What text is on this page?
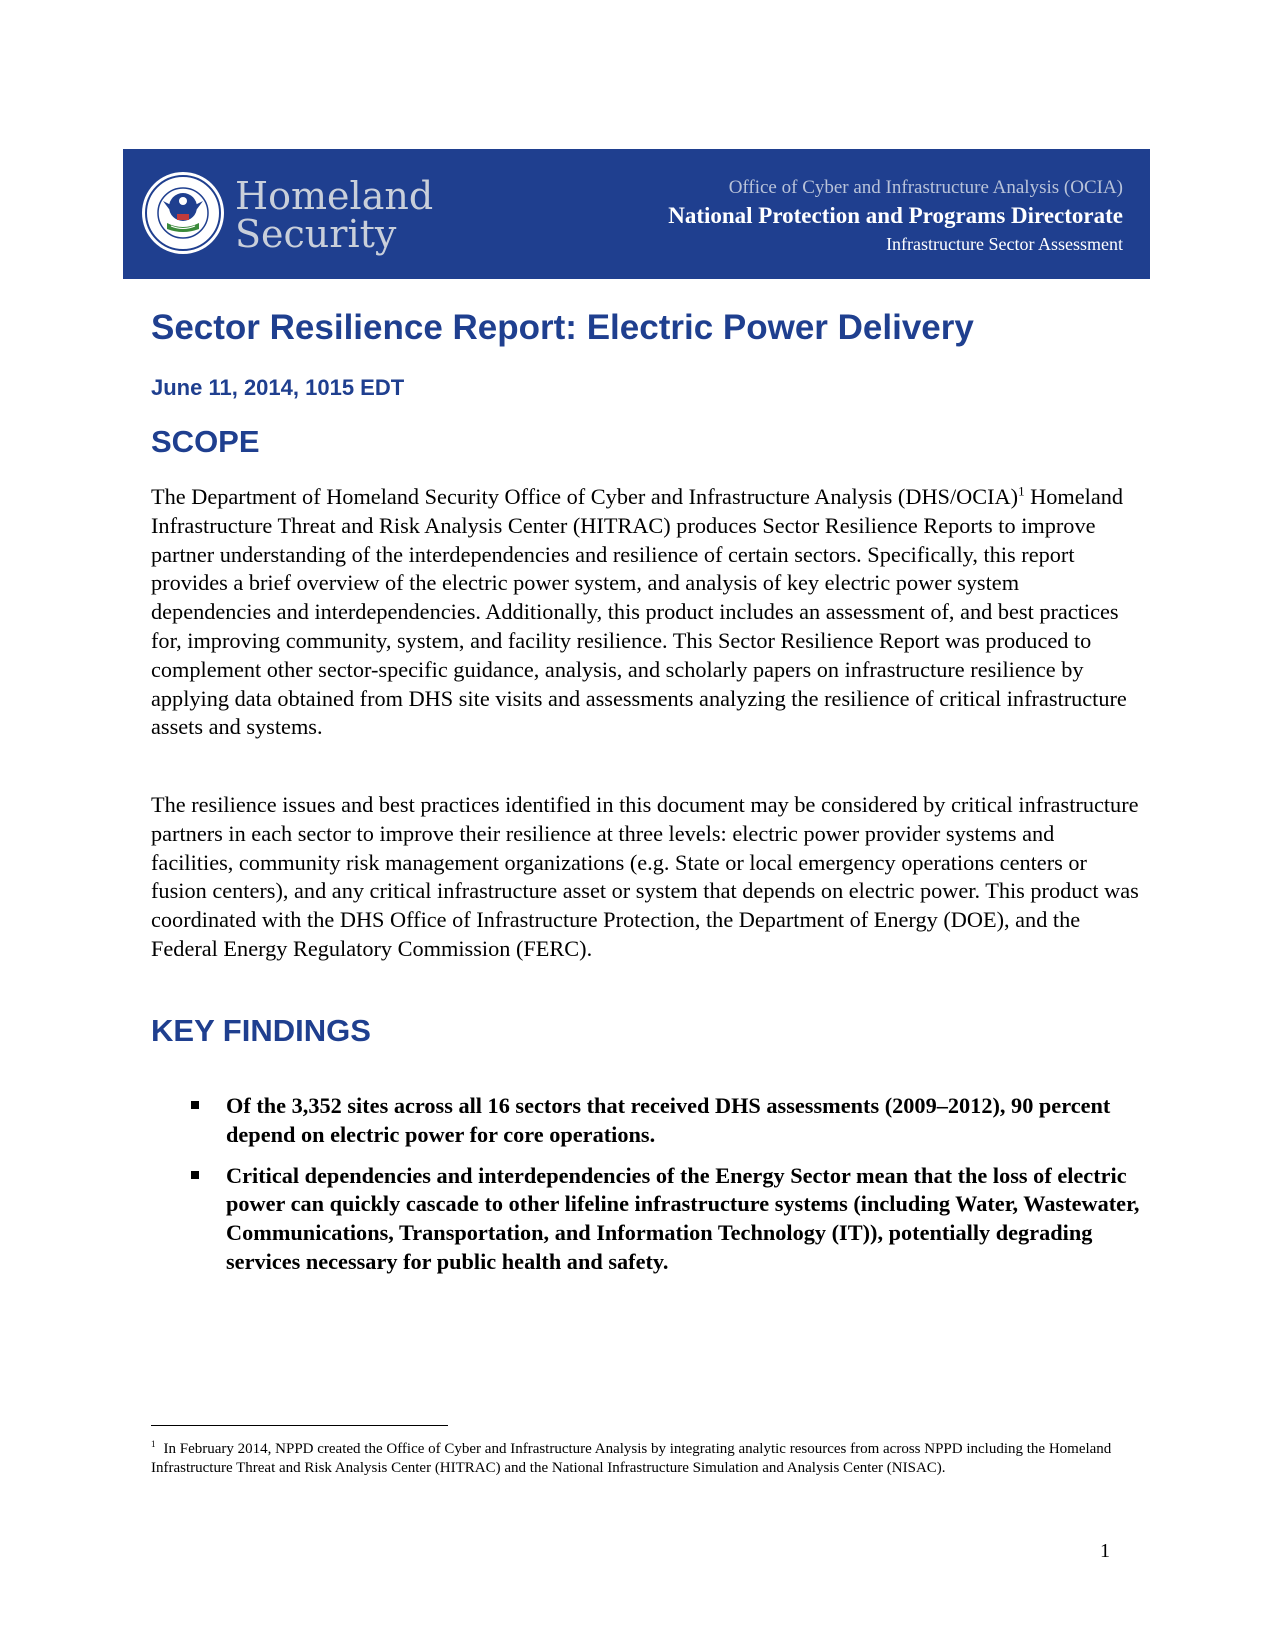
Homeland
Security
Office of Cyber and Infrastructure Analysis (OCIA)
National Protection and Programs Directorate
Infrastructure Sector Assessment
Sector Resilience Report: Electric Power Delivery
June 11, 2014, 1015 EDT
SCOPE

The Department of Homeland Security Office of Cyber and Infrastructure Analysis (DHS/OCIA)$^1$ Homeland Infrastructure Threat and Risk Analysis Center (HITRAC) produces Sector Resilience Reports to improve partner understanding of the interdependencies and resilience of certain sectors. Specifically, this report provides a brief overview of the electric power system, and analysis of key electric power system dependencies and interdependencies. Additionally, this product includes an assessment of, and best practices for, improving community, system, and facility resilience. This Sector Resilience Report was produced to complement other sector-specific guidance, analysis, and scholarly papers on infrastructure resilience by applying data obtained from DHS site visits and assessments analyzing the resilience of critical infrastructure assets and systems.

The resilience issues and best practices identified in this document may be considered by critical infrastructure partners in each sector to improve their resilience at three levels: electric power provider systems and facilities, community risk management organizations (e.g. State or local emergency operations centers or fusion centers), and any critical infrastructure asset or system that depends on electric power. This product was coordinated with the DHS Office of Infrastructure Protection, the Department of Energy (DOE), and the Federal Energy Regulatory Commission (FERC).

KEY FINDINGS
Of the 3,352 sites across all 16 sectors that received DHS assessments (2009–2012), 90 percent depend on electric power for core operations.
Critical dependencies and interdependencies of the Energy Sector mean that the loss of electric power can quickly cascade to other lifeline infrastructure systems (including Water, Wastewater, Communications, Transportation, and Information Technology (IT)), potentially degrading services necessary for public health and safety.

$^1$ In February 2014, NPPD created the Office of Cyber and Infrastructure Analysis by integrating analytic resources from across NPPD including the Homeland Infrastructure Threat and Risk Analysis Center (HITRAC) and the National Infrastructure Simulation and Analysis Center (NISAC).

1
